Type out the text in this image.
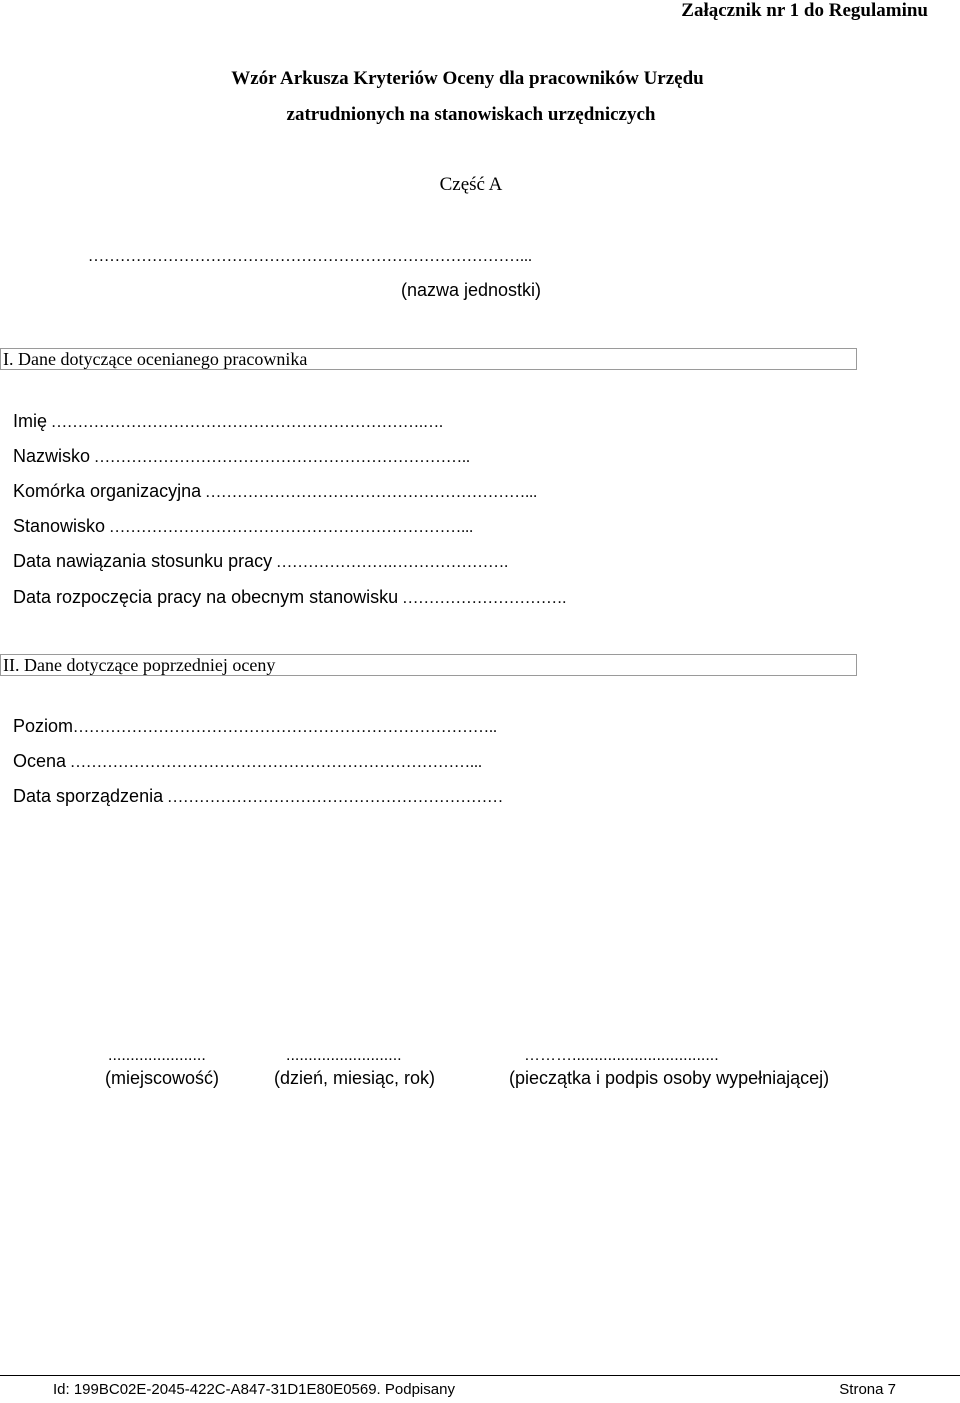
Załącznik nr 1 do Regulaminu
Wzór Arkusza Kryteriów Oceny dla pracowników Urzędu
zatrudnionych na stanowiskach urzędniczych
Część A
………………………………………………………………………...
(nazwa jednostki)
I. Dane dotyczące ocenianego pracownika
Imię …………………………………………………………….….
Nazwisko ……………………………………………………………..
Komórka organizacyjna ……………………………………………………...
Stanowisko …………………………………………………………...
Data nawiązania stosunku pracy ………………….………………….
Data rozpoczęcia pracy na obecnym stanowisku ………………………….
II. Dane dotyczące poprzedniej oceny
Poziom……………………………………………………………………..
Ocena …………………………………………………………………...
Data sporządzenia ………………………………………………………
......................
(miejscowość)
..........................
(dzień, miesiąc, rok)
……….................................
(pieczątka i podpis osoby wypełniającej)
Id: 199BC02E-2045-422C-A847-31D1E80E0569. Podpisany	Strona 7
